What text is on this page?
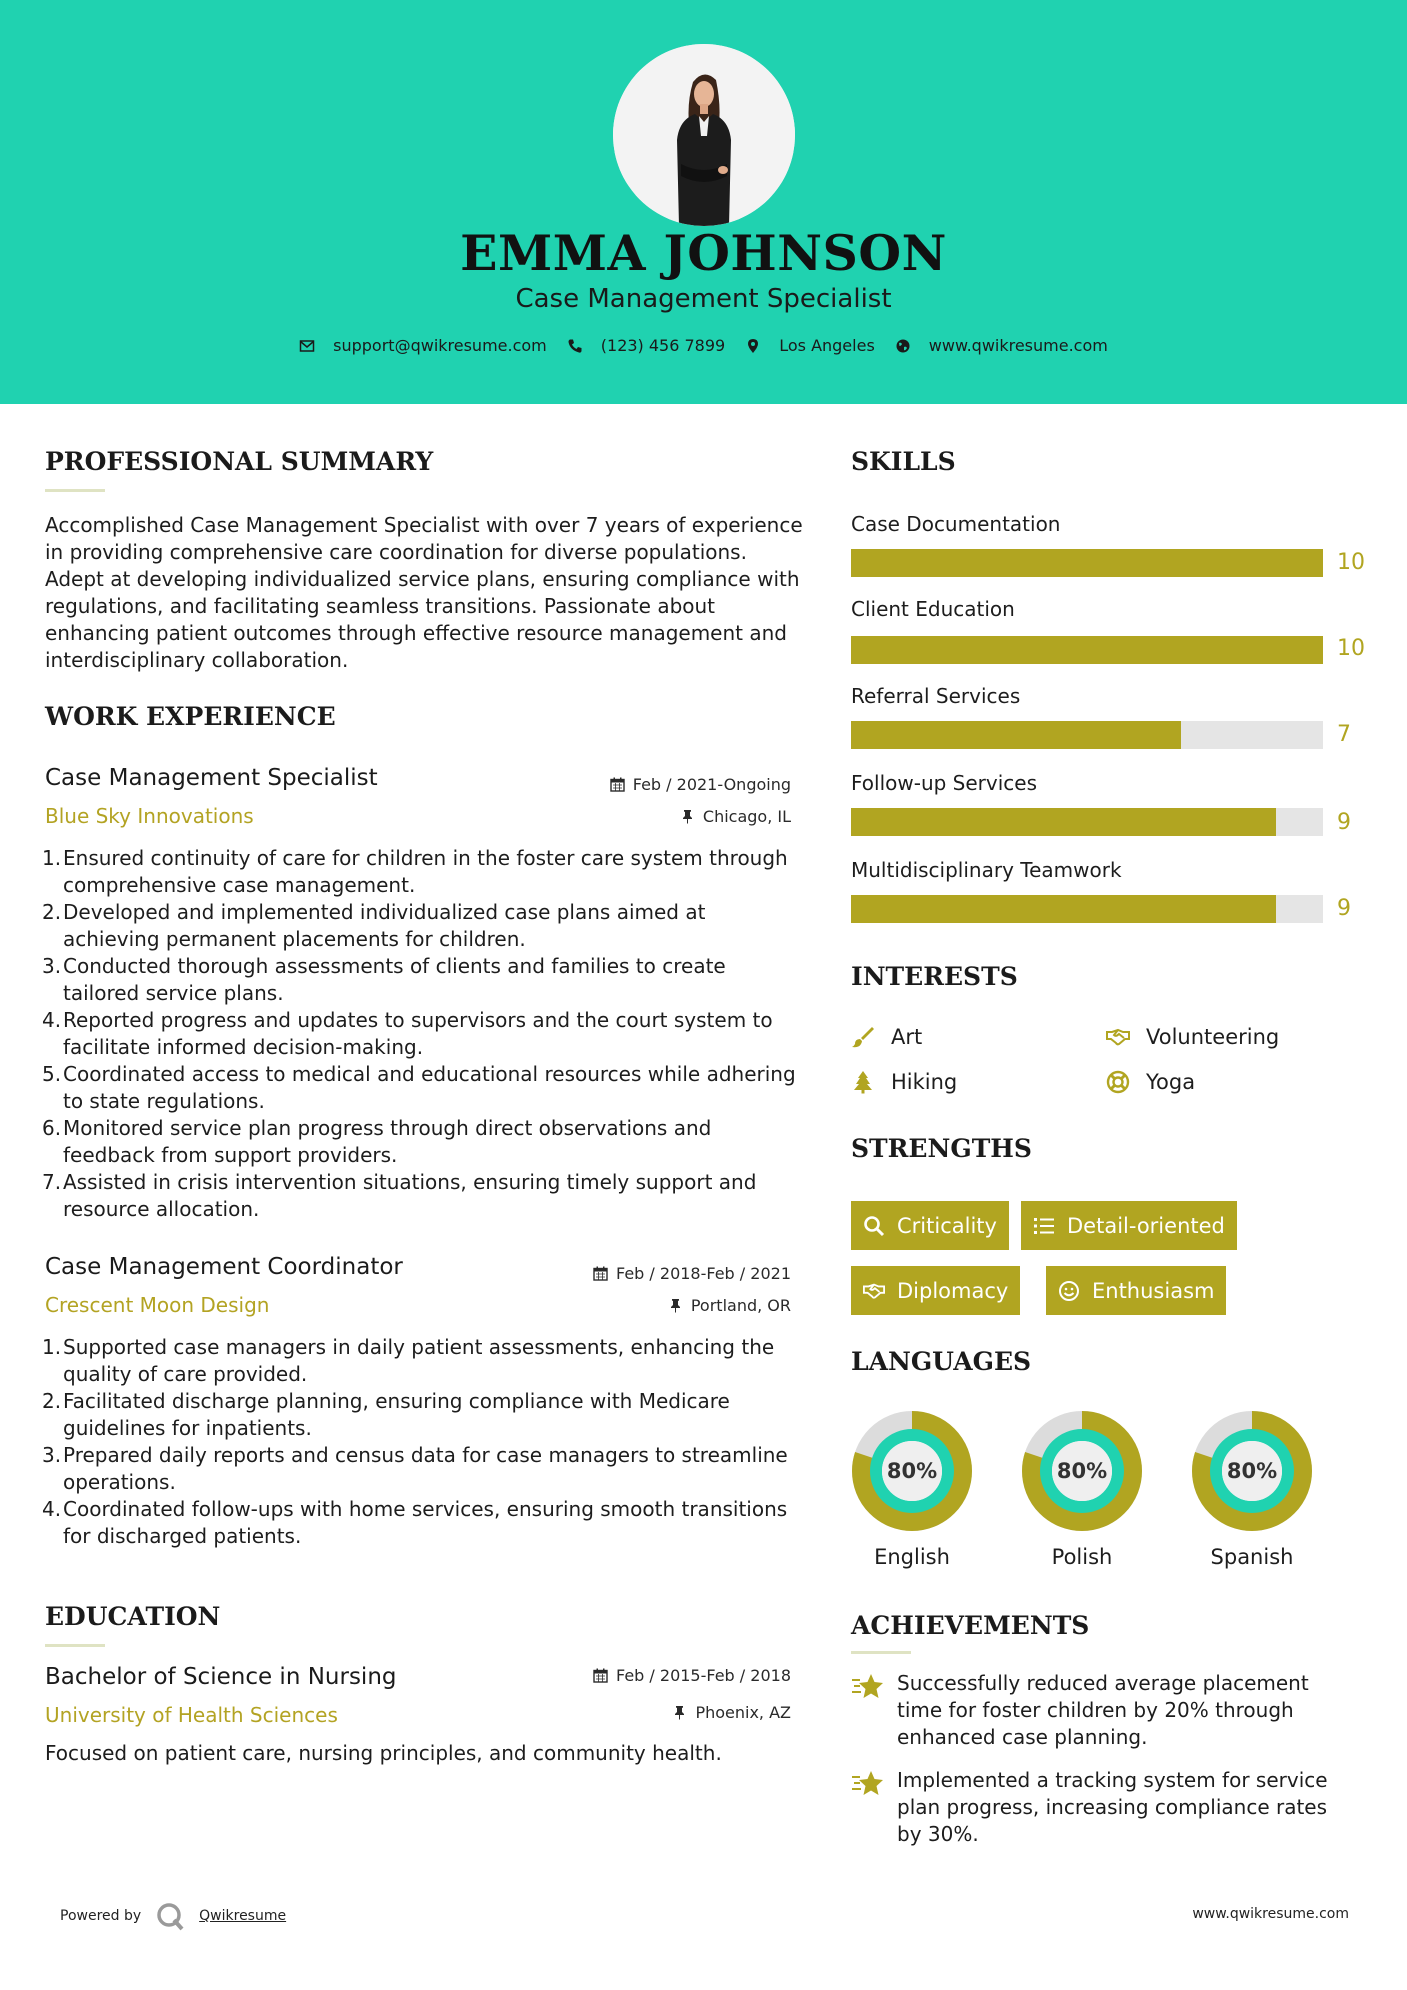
EMMA JOHNSON
Case Management Specialist
support@qwikresume.com	(123) 456 7899	Los Angeles	www.qwikresume.com
PROFESSIONAL SUMMARY
Accomplished Case Management Specialist with over 7 years of experience in providing comprehensive care coordination for diverse populations. Adept at developing individualized service plans, ensuring compliance with regulations, and facilitating seamless transitions. Passionate about enhancing patient outcomes through effective resource management and interdisciplinary collaboration.
WORK EXPERIENCE
Case Management Specialist
Blue Sky Innovations
Feb / 2021-Ongoing
Chicago, IL
1. Ensured continuity of care for children in the foster care system through comprehensive case management.
2. Developed and implemented individualized case plans aimed at achieving permanent placements for children.
3. Conducted thorough assessments of clients and families to create tailored service plans.
4. Reported progress and updates to supervisors and the court system to facilitate informed decision-making.
5. Coordinated access to medical and educational resources while adhering to state regulations.
6. Monitored service plan progress through direct observations and feedback from support providers.
7. Assisted in crisis intervention situations, ensuring timely support and resource allocation.
Case Management Coordinator
Crescent Moon Design
Feb / 2018-Feb / 2021
Portland, OR
1. Supported case managers in daily patient assessments, enhancing the quality of care provided.
2. Facilitated discharge planning, ensuring compliance with Medicare guidelines for inpatients.
3. Prepared daily reports and census data for case managers to streamline operations.
4. Coordinated follow-ups with home services, ensuring smooth transitions for discharged patients.
EDUCATION
Bachelor of Science in Nursing
University of Health Sciences
Feb / 2015-Feb / 2018
Phoenix, AZ
Focused on patient care, nursing principles, and community health.
SKILLS
Case Documentation
10
Client Education
10
Referral Services
7
Follow-up Services
9
Multidisciplinary Teamwork
9
INTERESTS
Art	Volunteering
Hiking	Yoga
STRENGTHS
Criticality	Detail-oriented
Diplomacy	Enthusiasm
LANGUAGES
80%
English
80%
Polish
80%
Spanish
ACHIEVEMENTS
Successfully reduced average placement time for foster children by 20% through enhanced case planning.
Implemented a tracking system for service plan progress, increasing compliance rates by 30%.
Powered by	Qwikresume	www.qwikresume.com
